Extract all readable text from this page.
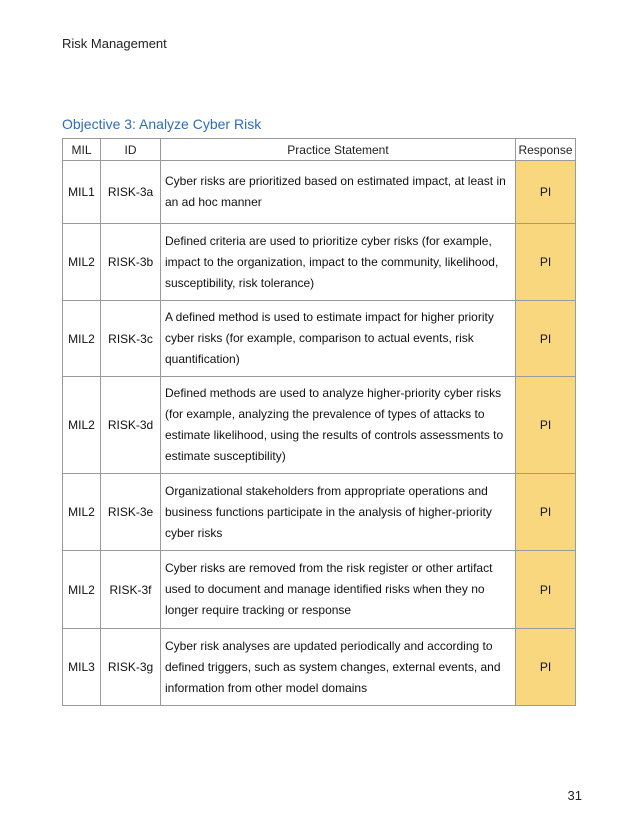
Risk Management
Objective 3: Analyze Cyber Risk
MIL	ID	Practice Statement	Response
MIL1	RISK-3a	Cyber risks are prioritized based on estimated impact, at least in an ad hoc manner	PI
MIL2	RISK-3b	Defined criteria are used to prioritize cyber risks (for example, impact to the organization, impact to the community, likelihood, susceptibility, risk tolerance)	PI
MIL2	RISK-3c	A defined method is used to estimate impact for higher priority cyber risks (for example, comparison to actual events, risk quantification)	PI
MIL2	RISK-3d	Defined methods are used to analyze higher-priority cyber risks (for example, analyzing the prevalence of types of attacks to estimate likelihood, using the results of controls assessments to estimate susceptibility)	PI
MIL2	RISK-3e	Organizational stakeholders from appropriate operations and business functions participate in the analysis of higher-priority cyber risks	PI
MIL2	RISK-3f	Cyber risks are removed from the risk register or other artifact used to document and manage identified risks when they no longer require tracking or response	PI
MIL3	RISK-3g	Cyber risk analyses are updated periodically and according to defined triggers, such as system changes, external events, and information from other model domains	PI
31
